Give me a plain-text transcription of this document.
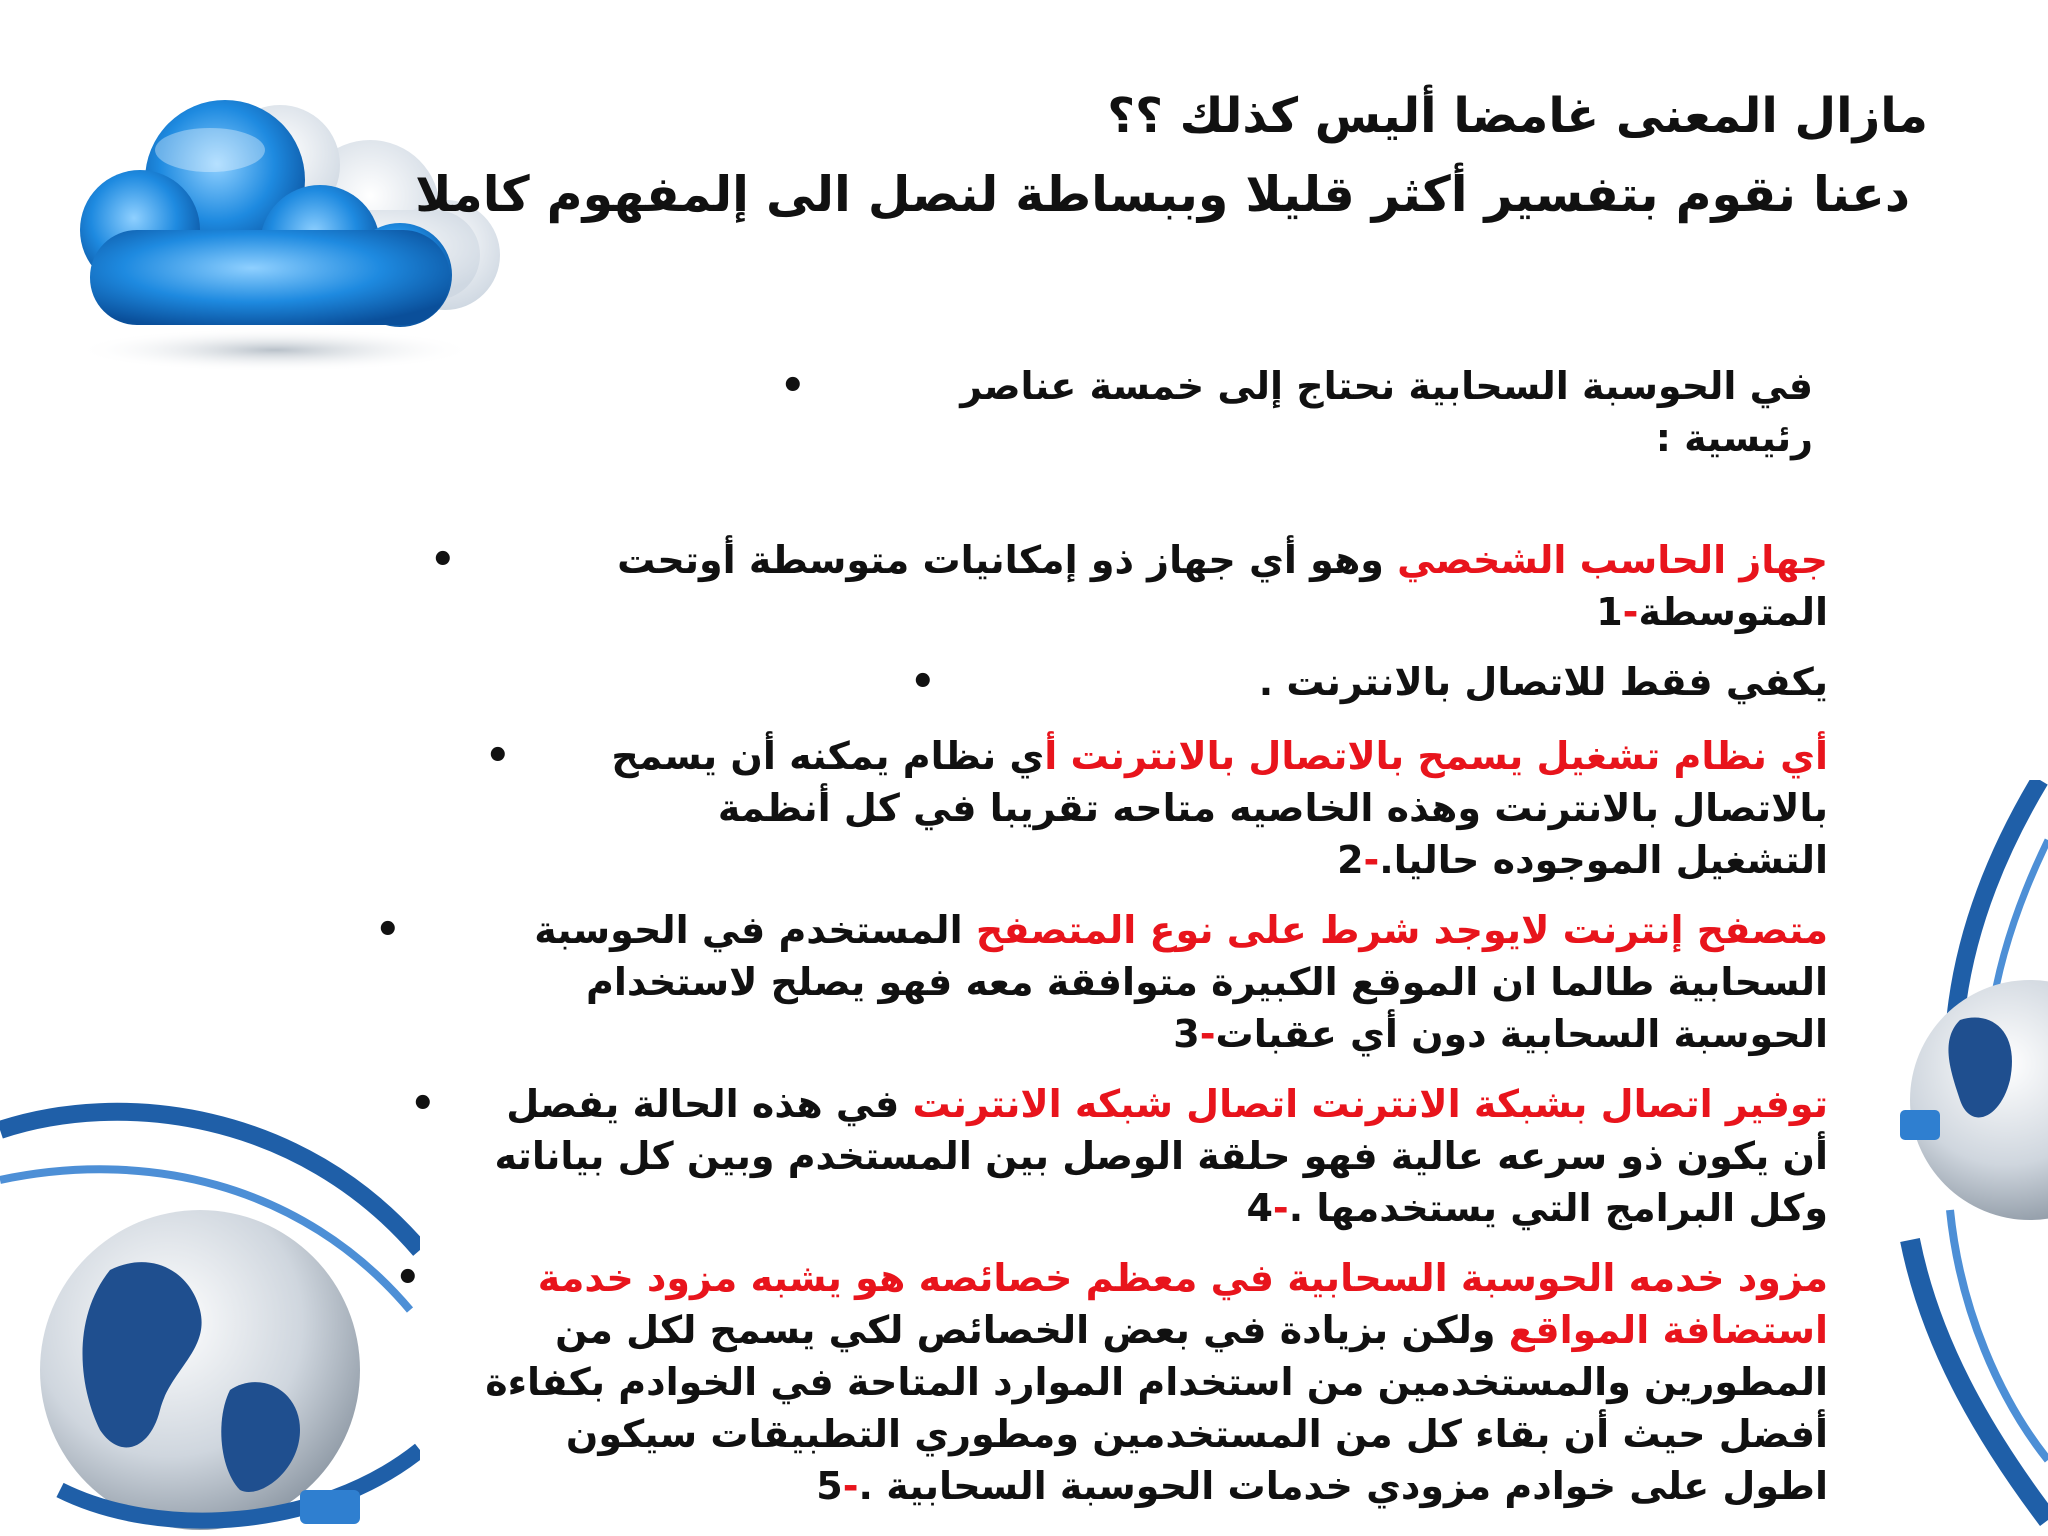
مازال المعنى غامضا أليس كذلك ؟؟
دعنا نقوم بتفسير أكثر قليلا وببساطة لنصل الى إلمفهوم كاملا
•	في الحوسبة السحابية نحتاج إلى خمسة عناصر رئيسية :
•	جهاز الحاسب الشخصي وهو أي جهاز ذو إمكانيات متوسطة أوتحت المتوسطة-1
•	يكفي فقط للاتصال بالانترنت .
•	أي نظام تشغيل يسمح بالاتصال بالانترنت أي نظام يمكنه أن يسمح بالاتصال بالانترنت وهذه الخاصيه متاحه تقريبا في كل أنظمة التشغيل الموجوده حاليا.-2
•	متصفح إنترنت لايوجد شرط على نوع المتصفح المستخدم في الحوسبة السحابية طالما ان الموقع الكبيرة متوافقة معه فهو يصلح لاستخدام الحوسبة السحابية دون أي عقبات-3
•	توفير اتصال بشبكة الانترنت اتصال شبكه الانترنت في هذه الحالة يفصل أن يكون ذو سرعه عالية فهو حلقة الوصل بين المستخدم وبين كل بياناته وكل البرامج التي يستخدمها .-4
•	مزود خدمه الحوسبة السحابية في معظم خصائصه هو يشبه مزود خدمة استضافة المواقع ولكن بزيادة في بعض الخصائص لكي يسمح لكل من المطورين والمستخدمين من استخدام الموارد المتاحة في الخوادم بكفاءة أفضل حيث أن بقاء كل من المستخدمين ومطوري التطبيقات سيكون اطول على خوادم مزودي خدمات الحوسبة السحابية .-5
